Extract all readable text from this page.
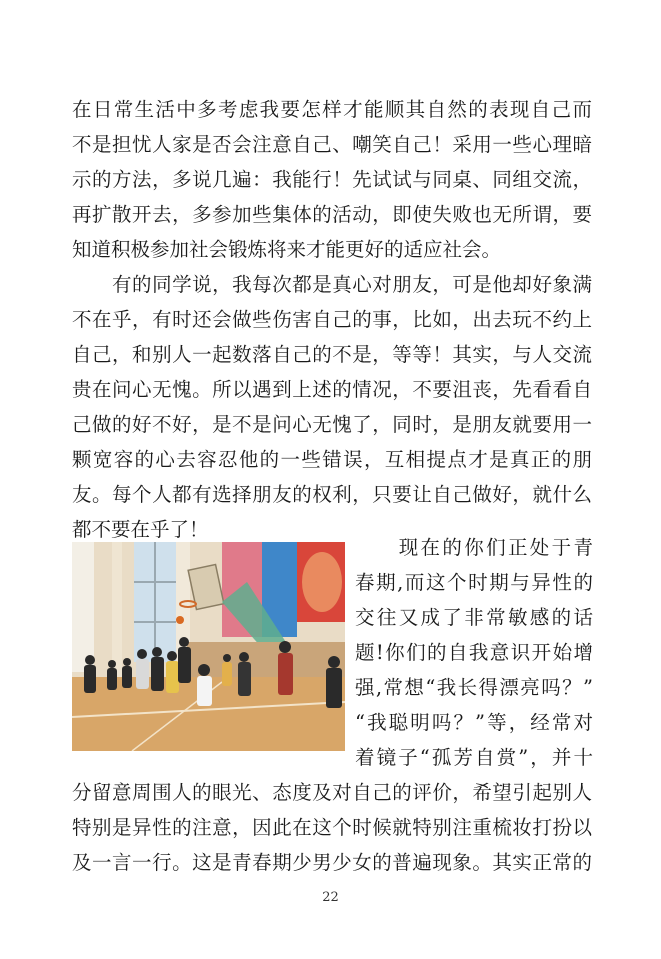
在日常生活中多考虑我要怎样才能顺其自然的表现自己而
不是担忧人家是否会注意自己、嘲笑自己！采用一些心理暗
示的方法，多说几遍：我能行！先试试与同桌、同组交流，
再扩散开去，多参加些集体的活动，即使失败也无所谓，要
知道积极参加社会锻炼将来才能更好的适应社会。
　　有的同学说，我每次都是真心对朋友，可是他却好象满
不在乎，有时还会做些伤害自己的事，比如，出去玩不约上
自己，和别人一起数落自己的不是，等等！其实，与人交流
贵在问心无愧。所以遇到上述的情况，不要沮丧，先看看自
己做的好不好，是不是问心无愧了，同时，是朋友就要用一
颗宽容的心去容忍他的一些错误，互相提点才是真正的朋
友。每个人都有选择朋友的权利，只要让自己做好，就什么
都不要在乎了！
　　现在的你们正处于青
春期,而这个时期与异性的
交往又成了非常敏感的话
题!你们的自我意识开始增
强,常想“我长得漂亮吗？”
“我聪明吗？”等，经常对
着镜子“孤芳自赏”，并十
分留意周围人的眼光、态度及对自己的评价，希望引起别人
特别是异性的注意，因此在这个时候就特别注重梳妆打扮以
及一言一行。这是青春期少男少女的普遍现象。其实正常的
22
